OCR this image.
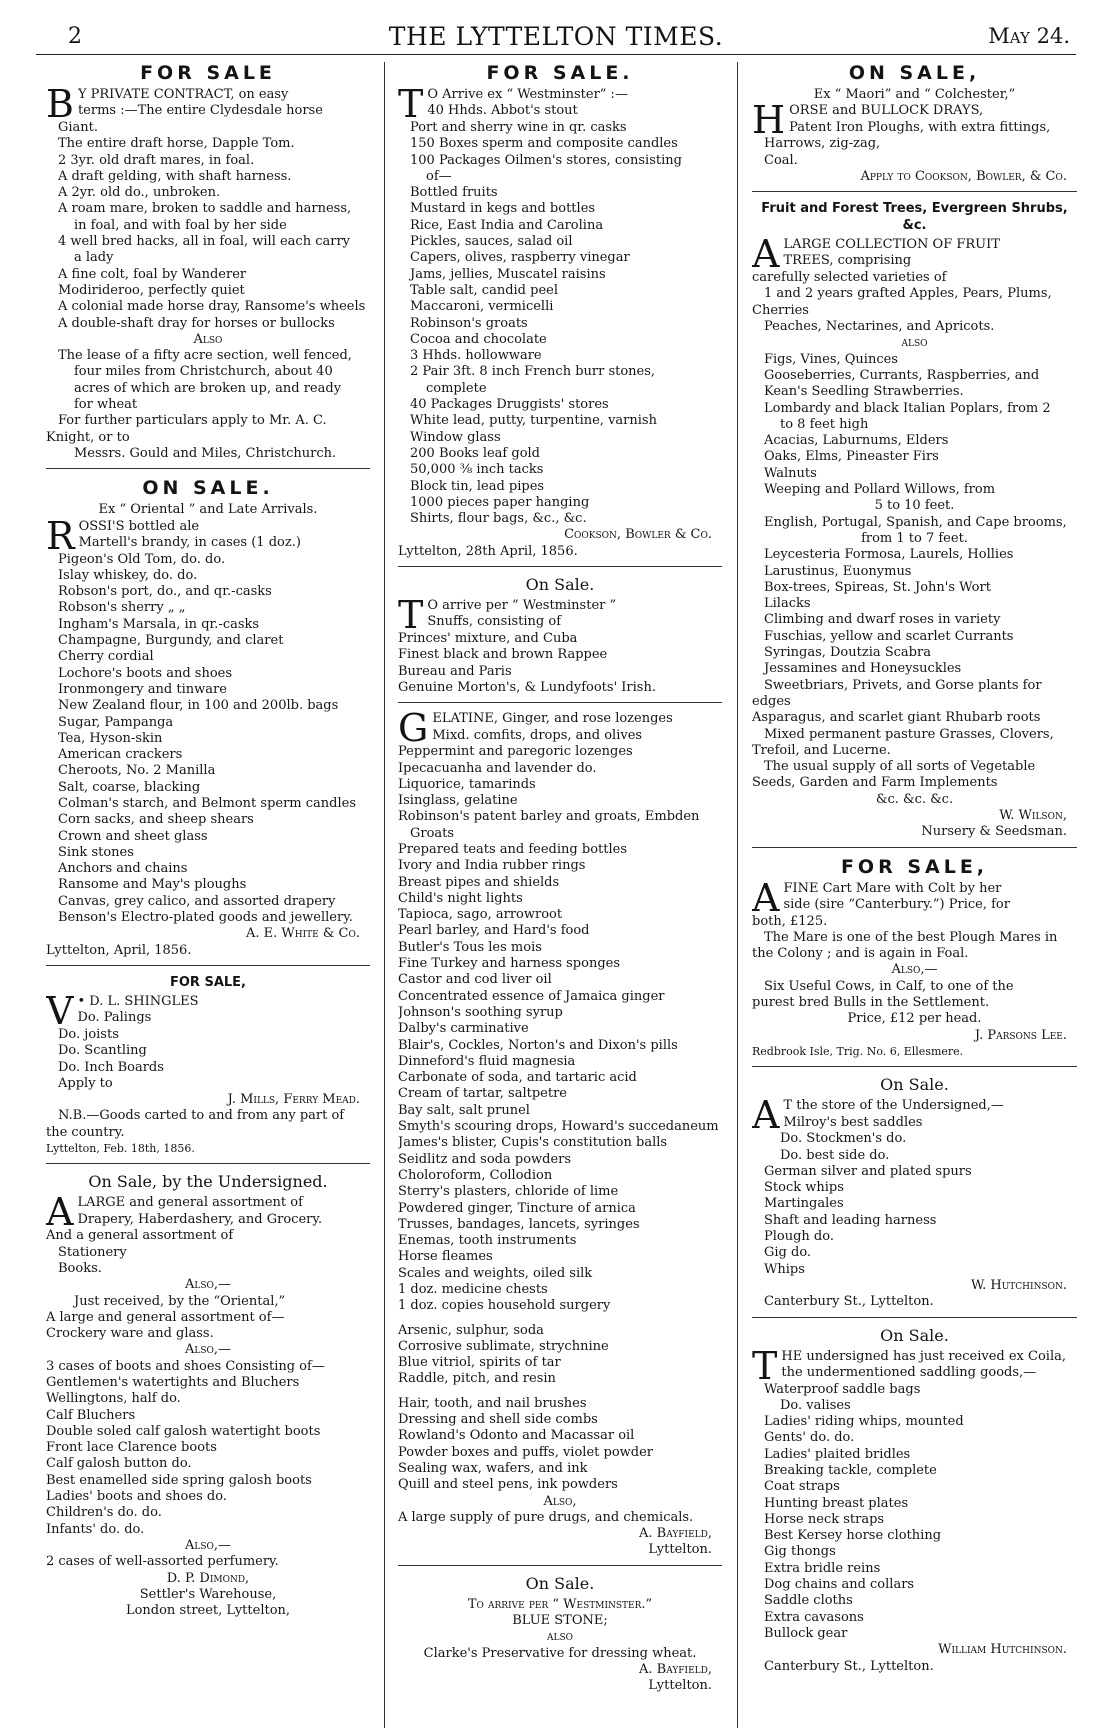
2	THE LYTTELTON TIMES.	May 24.
FOR SALE
B Y PRIVATE CONTRACT, on easy
terms :—The entire Clydesdale horse
Giant.
The entire draft horse, Dapple Tom.
2 3yr. old draft mares, in foal.
A draft gelding, with shaft harness.
A 2yr. old do., unbroken.
A roam mare, broken to saddle and harness,
in foal, and with foal by her side
4 well bred hacks, all in foal, will each carry
a lady
A fine colt, foal by Wanderer
Modirideroo, perfectly quiet
A colonial made horse dray, Ransome's wheels
A double-shaft dray for horses or bullocks
Also
The lease of a fifty acre section, well fenced,
four miles from Christchurch, about 40
acres of which are broken up, and ready
for wheat
For further particulars apply to Mr. A. C.
Knight, or to
Messrs. Gould and Miles, Christchurch.
ON SALE.
Ex “ Oriental ” and Late Arrivals.
R OSSI'S bottled ale
Martell's brandy, in cases (1 doz.)
Pigeon's Old Tom, do. do.
Islay whiskey, do. do.
Robson's port, do., and qr.-casks
Robson's sherry „ „
Ingham's Marsala, in qr.-casks
Champagne, Burgundy, and claret
Cherry cordial
Lochore's boots and shoes
Ironmongery and tinware
New Zealand flour, in 100 and 200lb. bags
Sugar, Pampanga
Tea, Hyson-skin
American crackers
Cheroots, No. 2 Manilla
Salt, coarse, blacking
Colman's starch, and Belmont sperm candles
Corn sacks, and sheep shears
Crown and sheet glass
Sink stones
Anchors and chains
Ransome and May's ploughs
Canvas, grey calico, and assorted drapery
Benson's Electro-plated goods and jewellery.
A. E. White & Co.
Lyttelton, April, 1856.
FOR SALE,
V • D. L. SHINGLES
Do. Palings
Do. joists
Do. Scantling
Do. Inch Boards
Apply to
J. Mills, Ferry Mead.
N.B.—Goods carted to and from any part of
the country.
Lyttelton, Feb. 18th, 1856.
On Sale, by the Undersigned.
A LARGE and general assortment of
Drapery, Haberdashery, and Grocery.
And a general assortment of
Stationery
Books.
Also,—
Just received, by the “Oriental,”
A large and general assortment of—
Crockery ware and glass.
Also,—
3 cases of boots and shoes Consisting of—
Gentlemen's watertights and Bluchers
Wellingtons, half do.
Calf Bluchers
Double soled calf galosh watertight boots
Front lace Clarence boots
Calf galosh button do.
Best enamelled side spring galosh boots
Ladies' boots and shoes do.
Children's do. do.
Infants' do. do.
Also,—
2 cases of well-assorted perfumery.
D. P. Dimond,
Settler's Warehouse,
London street, Lyttelton,
FOR SALE.
T O Arrive ex “ Westminster” :—
40 Hhds. Abbot's stout
Port and sherry wine in qr. casks
150 Boxes sperm and composite candles
100 Packages Oilmen's stores, consisting
of—
Bottled fruits
Mustard in kegs and bottles
Rice, East India and Carolina
Pickles, sauces, salad oil
Capers, olives, raspberry vinegar
Jams, jellies, Muscatel raisins
Table salt, candid peel
Maccaroni, vermicelli
Robinson's groats
Cocoa and chocolate
3 Hhds. hollowware
2 Pair 3ft. 8 inch French burr stones,
complete
40 Packages Druggists' stores
White lead, putty, turpentine, varnish
Window glass
200 Books leaf gold
50,000 ⅜ inch tacks
Block tin, lead pipes
1000 pieces paper hanging
Shirts, flour bags, &c., &c.
Cookson, Bowler & Co.
Lyttelton, 28th April, 1856.
On Sale.
T O arrive per “ Westminster ”
Snuffs, consisting of
Princes' mixture, and Cuba
Finest black and brown Rappee
Bureau and Paris
Genuine Morton's, & Lundyfoots' Irish.
G ELATINE, Ginger, and rose lozenges
Mixd. comfits, drops, and olives
Peppermint and paregoric lozenges
Ipecacuanha and lavender do.
Liquorice, tamarinds
Isinglass, gelatine
Robinson's patent barley and groats, Embden
Groats
Prepared teats and feeding bottles
Ivory and India rubber rings
Breast pipes and shields
Child's night lights
Tapioca, sago, arrowroot
Pearl barley, and Hard's food
Butler's Tous les mois
Fine Turkey and harness sponges
Castor and cod liver oil
Concentrated essence of Jamaica ginger
Johnson's soothing syrup
Dalby's carminative
Blair's, Cockles, Norton's and Dixon's pills
Dinneford's fluid magnesia
Carbonate of soda, and tartaric acid
Cream of tartar, saltpetre
Bay salt, salt prunel
Smyth's scouring drops, Howard's succedaneum
James's blister, Cupis's constitution balls
Seidlitz and soda powders
Choloroform, Collodion
Sterry's plasters, chloride of lime
Powdered ginger, Tincture of arnica
Trusses, bandages, lancets, syringes
Enemas, tooth instruments
Horse fleames
Scales and weights, oiled silk
1 doz. medicine chests
1 doz. copies household surgery
Arsenic, sulphur, soda
Corrosive sublimate, strychnine
Blue vitriol, spirits of tar
Raddle, pitch, and resin
Hair, tooth, and nail brushes
Dressing and shell side combs
Rowland's Odonto and Macassar oil
Powder boxes and puffs, violet powder
Sealing wax, wafers, and ink
Quill and steel pens, ink powders
Also,
A large supply of pure drugs, and chemicals.
A. Bayfield,
Lyttelton.
On Sale.
To arrive per “ Westminster.”
BLUE STONE;
also
Clarke's Preservative for dressing wheat.
A. Bayfield,
Lyttelton.
ON SALE,
Ex “ Maori” and “ Colchester,”
H ORSE and BULLOCK DRAYS,
Patent Iron Ploughs, with extra fittings,
Harrows, zig-zag,
Coal.
Apply to Cookson, Bowler, & Co.
Fruit and Forest Trees, Evergreen Shrubs, &c.
A LARGE COLLECTION OF FRUIT
TREES, comprising
carefully selected varieties of
1 and 2 years grafted Apples, Pears, Plums,
Cherries
Peaches, Nectarines, and Apricots.
also
Figs, Vines, Quinces
Gooseberries, Currants, Raspberries, and
Kean's Seedling Strawberries.
Lombardy and black Italian Poplars, from 2
to 8 feet high
Acacias, Laburnums, Elders
Oaks, Elms, Pineaster Firs
Walnuts
Weeping and Pollard Willows, from
5 to 10 feet.
English, Portugal, Spanish, and Cape brooms,
from 1 to 7 feet.
Leycesteria Formosa, Laurels, Hollies
Larustinus, Euonymus
Box-trees, Spireas, St. John's Wort
Lilacks
Climbing and dwarf roses in variety
Fuschias, yellow and scarlet Currants
Syringas, Doutzia Scabra
Jessamines and Honeysuckles
Sweetbriars, Privets, and Gorse plants for
edges
Asparagus, and scarlet giant Rhubarb roots
Mixed permanent pasture Grasses, Clovers,
Trefoil, and Lucerne.
The usual supply of all sorts of Vegetable
Seeds, Garden and Farm Implements
&c. &c. &c.
W. Wilson,
Nursery & Seedsman.
FOR SALE,
A FINE Cart Mare with Colt by her
side (sire “Canterbury.”) Price, for
both, £125.
The Mare is one of the best Plough Mares in
the Colony ; and is again in Foal.
Also,—
Six Useful Cows, in Calf, to one of the
purest bred Bulls in the Settlement.
Price, £12 per head.
J. Parsons Lee.
Redbrook Isle, Trig. No. 6, Ellesmere.
On Sale.
A T the store of the Undersigned,—
Milroy's best saddles
Do. Stockmen's do.
Do. best side do.
German silver and plated spurs
Stock whips
Martingales
Shaft and leading harness
Plough do.
Gig do.
Whips
W. Hutchinson.
Canterbury St., Lyttelton.
On Sale.
T HE undersigned has just received ex Coila,
the undermentioned saddling goods,—
Waterproof saddle bags
Do. valises
Ladies' riding whips, mounted
Gents' do. do.
Ladies' plaited bridles
Breaking tackle, complete
Coat straps
Hunting breast plates
Horse neck straps
Best Kersey horse clothing
Gig thongs
Extra bridle reins
Dog chains and collars
Saddle cloths
Extra cavasons
Bullock gear
William Hutchinson.
Canterbury St., Lyttelton.
